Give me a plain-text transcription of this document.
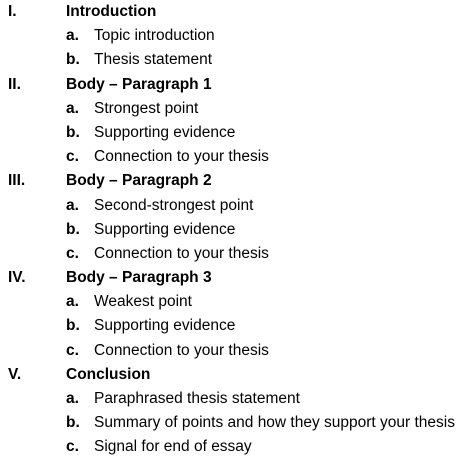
I.	Introduction
a. Topic introduction
b. Thesis statement
II.	Body – Paragraph 1
a. Strongest point
b. Supporting evidence
c. Connection to your thesis
III.	Body – Paragraph 2
a. Second-strongest point
b. Supporting evidence
c. Connection to your thesis
IV.	Body – Paragraph 3
a. Weakest point
b. Supporting evidence
c. Connection to your thesis
V.	Conclusion
a. Paraphrased thesis statement
b. Summary of points and how they support your thesis
c. Signal for end of essay
